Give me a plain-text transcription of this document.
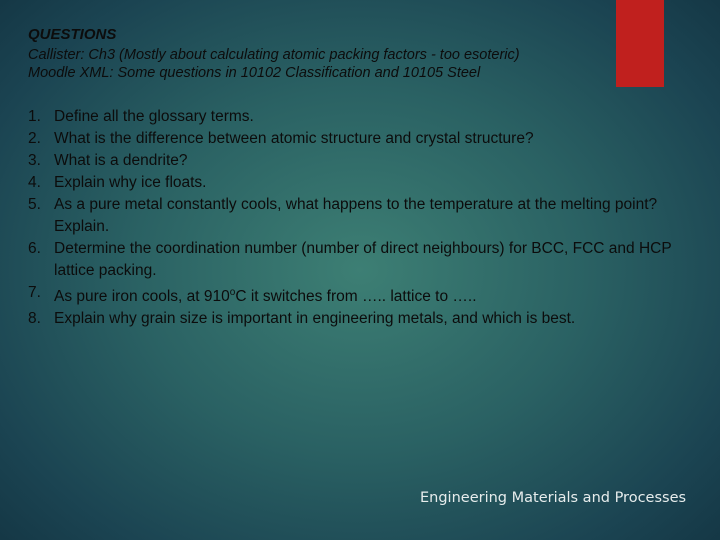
QUESTIONS
Callister: Ch3 (Mostly about calculating atomic packing factors - too esoteric)
Moodle XML: Some questions in 10102 Classification and 10105 Steel
1. Define all the glossary terms.
2. What is the difference between atomic structure and crystal structure?
3. What is a dendrite?
4. Explain why ice floats.
5. As a pure metal constantly cools, what happens to the temperature at the melting point? Explain.
6. Determine the coordination number (number of direct neighbours) for BCC, FCC and HCP lattice packing.
7. As pure iron cools, at 910$^o$C it switches from ….. lattice to …..
8. Explain why grain size is important in engineering metals, and which is best.
Engineering Materials and Processes
